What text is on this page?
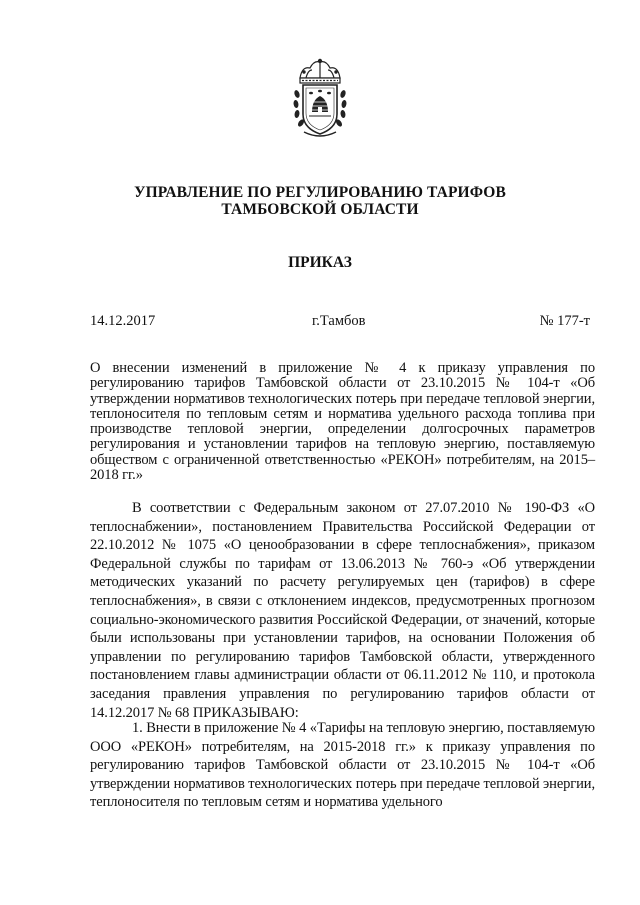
УПРАВЛЕНИЕ ПО РЕГУЛИРОВАНИЮ ТАРИФОВ
ТАМБОВСКОЙ ОБЛАСТИ
ПРИКАЗ
14.12.2017	г.Тамбов	№ 177-т
О внесении изменений в приложение № 4 к приказу управления по регулированию тарифов Тамбовской области от 23.10.2015 № 104-т «Об утверждении нормативов технологических потерь при передаче тепловой энергии, теплоносителя по тепловым сетям и норматива удельного расхода топлива при производстве тепловой энергии, определении долгосрочных параметров регулирования и установлении тарифов на тепловую энергию, поставляемую обществом с ограниченной ответственностью «РЕКОН» потребителям, на 2015–2018 гг.»
В соответствии с Федеральным законом от 27.07.2010 № 190-ФЗ «О теплоснабжении», постановлением Правительства Российской Федерации от 22.10.2012 № 1075 «О ценообразовании в сфере теплоснабжения», приказом Федеральной службы по тарифам от 13.06.2013 № 760-э «Об утверждении методических указаний по расчету регулируемых цен (тарифов) в сфере теплоснабжения», в связи с отклонением индексов, предусмотренных прогнозом социально-экономического развития Российской Федерации, от значений, которые были использованы при установлении тарифов, на основании Положения об управлении по регулированию тарифов Тамбовской области, утвержденного постановлением главы администрации области от 06.11.2012 № 110, и протокола заседания правления управления по регулированию тарифов области от 14.12.2017 № 68 ПРИКАЗЫВАЮ:
1. Внести в приложение № 4 «Тарифы на тепловую энергию, поставляемую ООО «РЕКОН» потребителям, на 2015-2018 гг.» к приказу управления по регулированию тарифов Тамбовской области от 23.10.2015 № 104-т «Об утверждении нормативов технологических потерь при передаче тепловой энергии, теплоносителя по тепловым сетям и норматива удельного
